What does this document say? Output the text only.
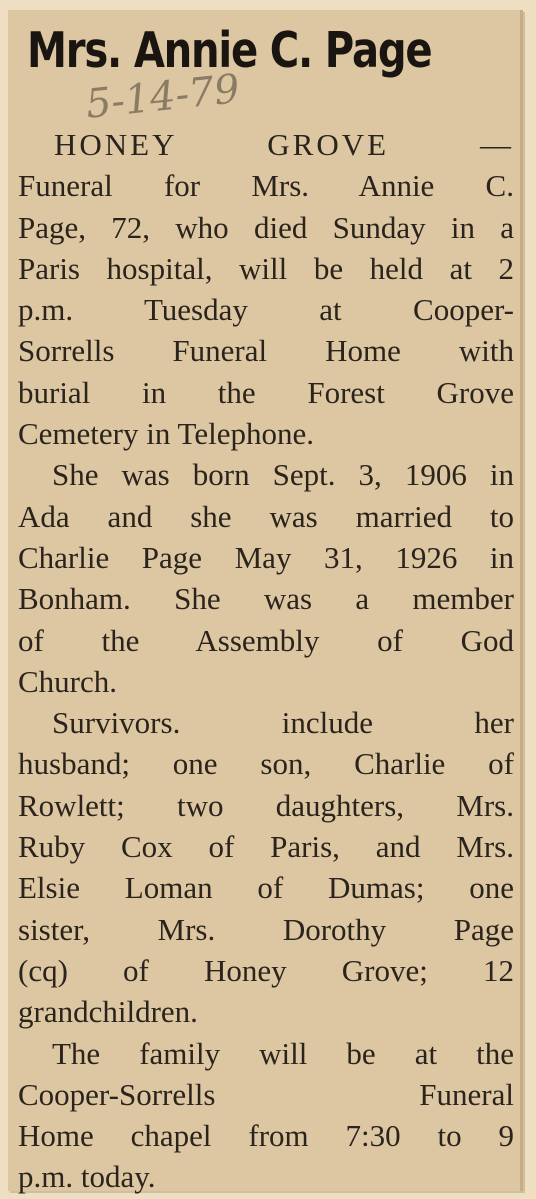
Mrs. Annie C. Page
5-14-79
HONEY GROVE —
Funeral for Mrs. Annie C.
Page, 72, who died Sunday in a
Paris hospital, will be held at 2
p.m. Tuesday at Cooper-
Sorrells Funeral Home with
burial in the Forest Grove
Cemetery in Telephone.
She was born Sept. 3, 1906 in
Ada and she was married to
Charlie Page May 31, 1926 in
Bonham. She was a member
of the Assembly of God
Church.
Survivors. include her
husband; one son, Charlie of
Rowlett; two daughters, Mrs.
Ruby Cox of Paris, and Mrs.
Elsie Loman of Dumas; one
sister, Mrs. Dorothy Page
(cq) of Honey Grove; 12
grandchildren.
The family will be at the
Cooper-Sorrells Funeral
Home chapel from 7:30 to 9
p.m. today.
